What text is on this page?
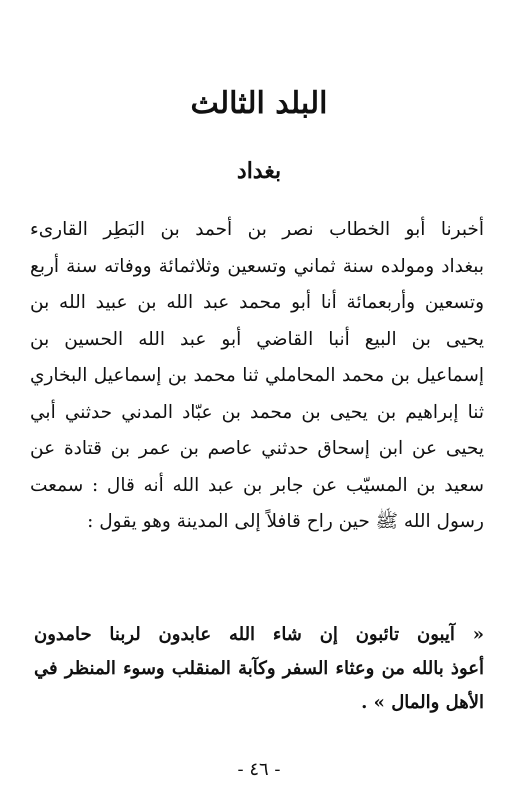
البلد الثالث
بغداد
أخبرنا أبو الخطاب نصر بن أحمد بن البَطِر القارىء
ببغداد ومولده سنة ثماني وتسعين وثلاثمائة ووفاته سنة أربع
وتسعين وأربعمائة أنا أبو محمد عبد الله بن عبيد الله بن
يحيى بن البيع أنبا القاضي أبو عبد الله الحسين بن
إسماعيل بن محمد المحاملي ثنا محمد بن إسماعيل البخاري
ثنا إبراهيم بن يحيى بن محمد بن عبّاد المدني حدثني أبي
يحيى عن ابن إسحاق حدثني عاصم بن عمر بن قتادة عن
سعيد بن المسيّب عن جابر بن عبد الله أنه قال : سمعت
رسول الله ﷺ حين راح قافلاً إلى المدينة وهو يقول :
« آيبون تائبون إن شاء الله عابدون لربنا حامدون
أعوذ بالله من وعثاء السفر وكآبة المنقلب وسوء المنظر في
الأهل والمال » .
- ٤٦ -
